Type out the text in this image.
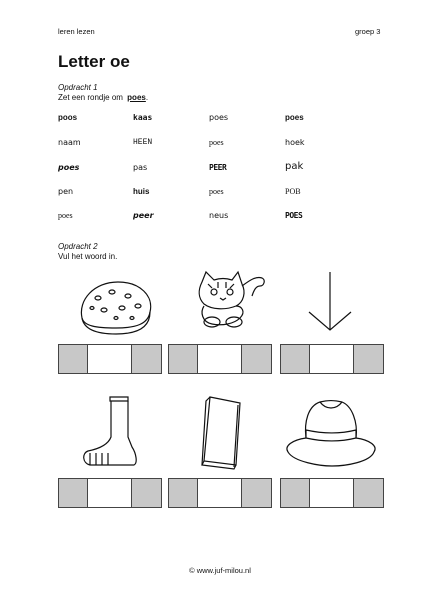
leren lezen	groep 3
Letter oe
Opdracht 1
Zet een rondje om poes.
poos	kaas	poes	poes
naam	HEEN	poes	hoek
poes	pas	PEER	pak
pen	huis	poes	POB
poes	peer	neus	POES
Opdracht 2
Vul het woord in.
© www.juf-milou.nl
